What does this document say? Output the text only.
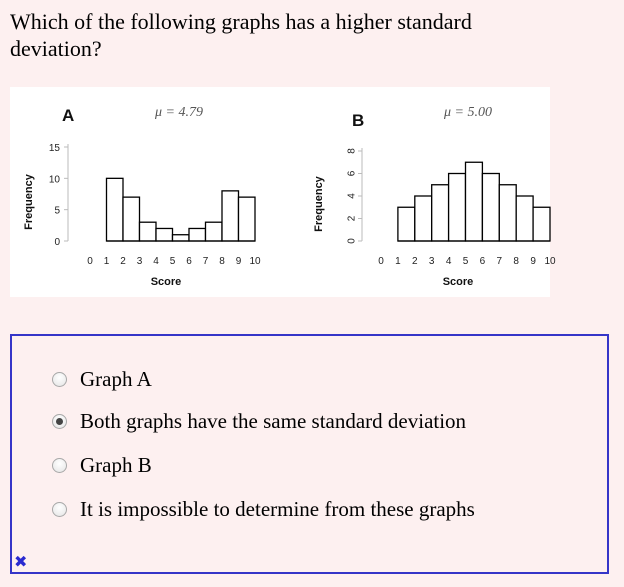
Which of the following graphs has a higher standard
deviation?
A	μ = 4.79
0
5
10
15
Frequency
0 1 2 3 4 5 6 7 8 9 10
Score
B	μ = 5.00
0
2
4
6
8
Frequency
0 1 2 3 4 5 6 7 8 9 10
Score
Graph A
Both graphs have the same standard deviation
Graph B
It is impossible to determine from these graphs
✖
